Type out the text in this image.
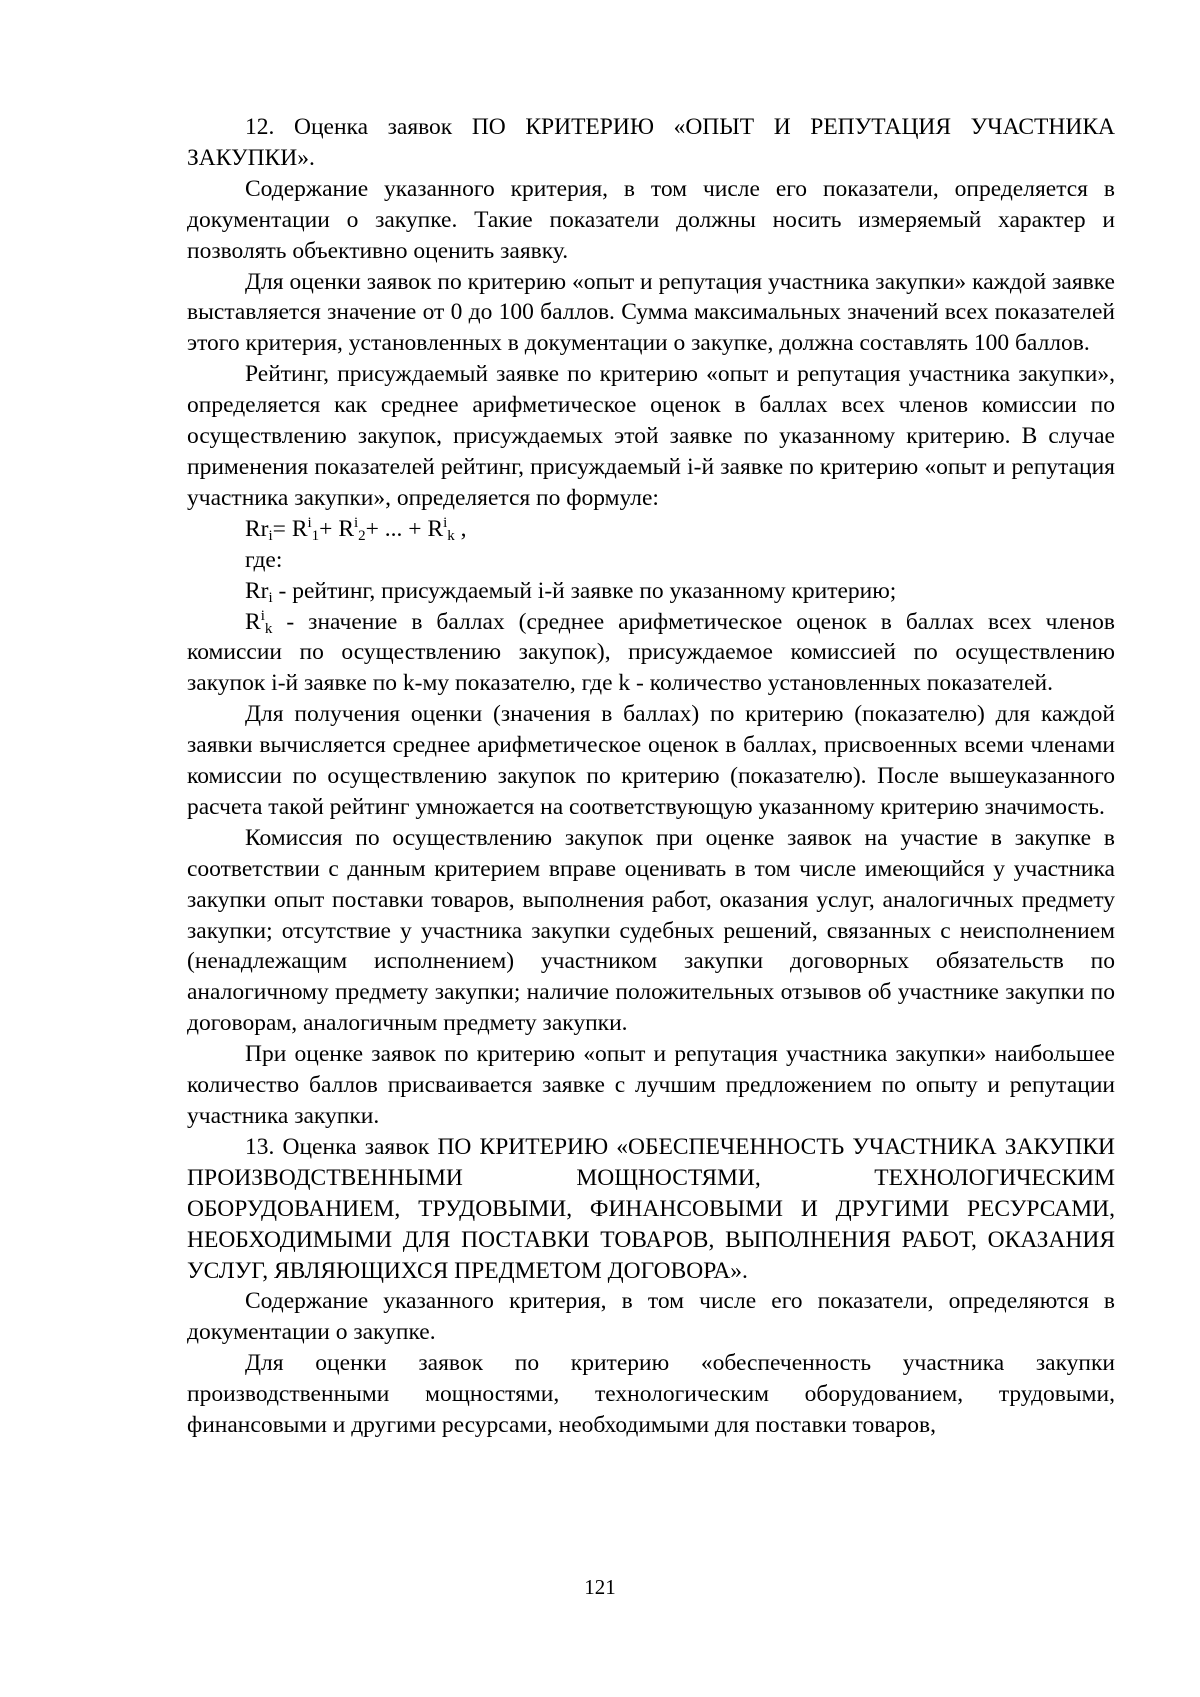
12. Оценка заявок ПО КРИТЕРИЮ «ОПЫТ И РЕПУТАЦИЯ УЧАСТНИКА ЗАКУПКИ».

Содержание указанного критерия, в том числе его показатели, определяется в документации о закупке. Такие показатели должны носить измеряемый характер и позволять объективно оценить заявку.

Для оценки заявок по критерию «опыт и репутация участника закупки» каждой заявке выставляется значение от 0 до 100 баллов. Сумма максимальных значений всех показателей этого критерия, установленных в документации о закупке, должна составлять 100 баллов.

Рейтинг, присуждаемый заявке по критерию «опыт и репутация участника закупки», определяется как среднее арифметическое оценок в баллах всех членов комиссии по осуществлению закупок, присуждаемых этой заявке по указанному критерию. В случае применения показателей рейтинг, присуждаемый i-й заявке по критерию «опыт и репутация участника закупки», определяется по формуле:

$Rr_i= R^i_1+ R^i_2+$ ... + $R^i_k$ ,

где:

$Rr_i$ - рейтинг, присуждаемый i-й заявке по указанному критерию;

$R^i_k$ - значение в баллах (среднее арифметическое оценок в баллах всех членов комиссии по осуществлению закупок), присуждаемое комиссией по осуществлению закупок i-й заявке по k-му показателю, где k - количество установленных показателей.

Для получения оценки (значения в баллах) по критерию (показателю) для каждой заявки вычисляется среднее арифметическое оценок в баллах, присвоенных всеми членами комиссии по осуществлению закупок по критерию (показателю). После вышеуказанного расчета такой рейтинг умножается на соответствующую указанному критерию значимость.

Комиссия по осуществлению закупок при оценке заявок на участие в закупке в соответствии с данным критерием вправе оценивать в том числе имеющийся у участника закупки опыт поставки товаров, выполнения работ, оказания услуг, аналогичных предмету закупки; отсутствие у участника закупки судебных решений, связанных с неисполнением (ненадлежащим исполнением) участником закупки договорных обязательств по аналогичному предмету закупки; наличие положительных отзывов об участнике закупки по договорам, аналогичным предмету закупки.

При оценке заявок по критерию «опыт и репутация участника закупки» наибольшее количество баллов присваивается заявке с лучшим предложением по опыту и репутации участника закупки.

13. Оценка заявок ПО КРИТЕРИЮ «ОБЕСПЕЧЕННОСТЬ УЧАСТНИКА ЗАКУПКИ ПРОИЗВОДСТВЕННЫМИ МОЩНОСТЯМИ, ТЕХНОЛОГИЧЕСКИМ ОБОРУДОВАНИЕМ, ТРУДОВЫМИ, ФИНАНСОВЫМИ И ДРУГИМИ РЕСУРСАМИ, НЕОБХОДИМЫМИ ДЛЯ ПОСТАВКИ ТОВАРОВ, ВЫПОЛНЕНИЯ РАБОТ, ОКАЗАНИЯ УСЛУГ, ЯВЛЯЮЩИХСЯ ПРЕДМЕТОМ ДОГОВОРА».

Содержание указанного критерия, в том числе его показатели, определяются в документации о закупке.

Для оценки заявок по критерию «обеспеченность участника закупки производственными мощностями, технологическим оборудованием, трудовыми, финансовыми и другими ресурсами, необходимыми для поставки товаров,

121
